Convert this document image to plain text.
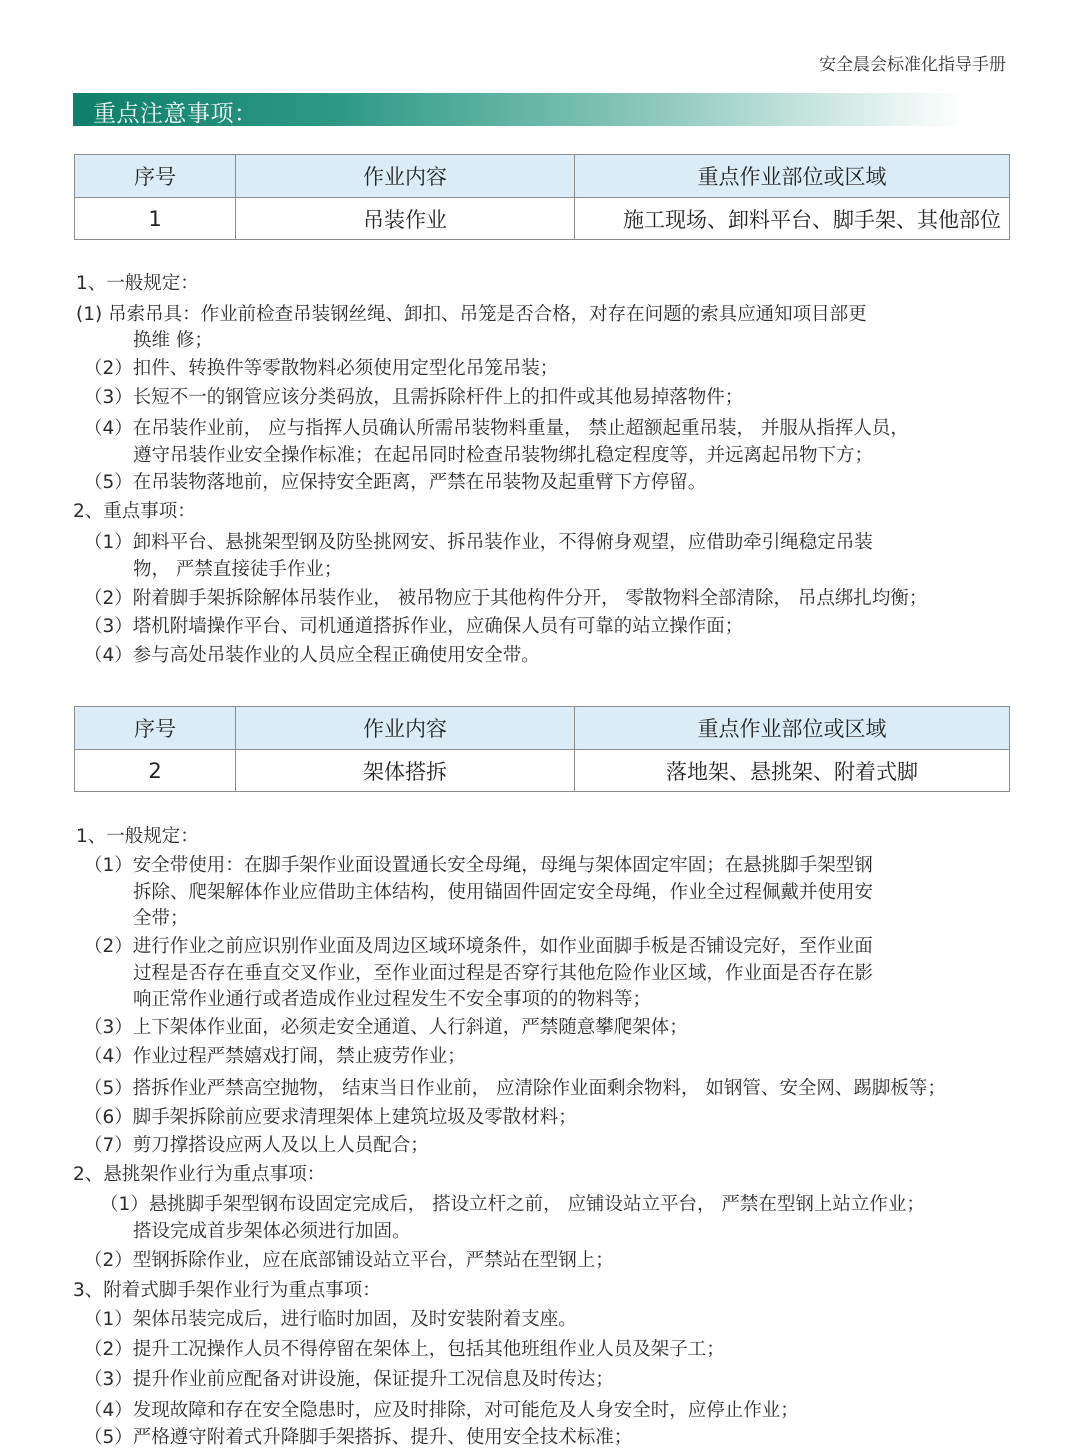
安全晨会标准化指导手册
重点注意事项：
序号	作业内容	重点作业部位或区域
1	吊装作业	施工现场、卸料平台、脚手架、其他部位
1、一般规定：
(1) 吊索吊具：作业前检查吊装钢丝绳、卸扣、吊笼是否合格，对存在问题的索具应通知项目部更
换维 修；
（2）扣件、转换件等零散物料必须使用定型化吊笼吊装；
（3）长短不一的钢管应该分类码放，且需拆除杆件上的扣件或其他易掉落物件；
（4）在吊装作业前， 应与指挥人员确认所需吊装物料重量， 禁止超额起重吊装， 并服从指挥人员，
遵守吊装作业安全操作标准；在起吊同时检查吊装物绑扎稳定程度等，并远离起吊物下方；
（5）在吊装物落地前，应保持安全距离，严禁在吊装物及起重臂下方停留。
2、重点事项：
（1）卸料平台、悬挑架型钢及防坠挑网安、拆吊装作业，不得俯身观望，应借助牵引绳稳定吊装
物， 严禁直接徒手作业；
（2）附着脚手架拆除解体吊装作业， 被吊物应于其他构件分开， 零散物料全部清除， 吊点绑扎均衡；
（3）塔机附墙操作平台、司机通道搭拆作业，应确保人员有可靠的站立操作面；
（4）参与高处吊装作业的人员应全程正确使用安全带。
序号	作业内容	重点作业部位或区域
2	架体搭拆	落地架、悬挑架、附着式脚
1、一般规定：
（1）安全带使用：在脚手架作业面设置通长安全母绳，母绳与架体固定牢固；在悬挑脚手架型钢
拆除、爬架解体作业应借助主体结构，使用锚固件固定安全母绳，作业全过程佩戴并使用安
全带；
（2）进行作业之前应识别作业面及周边区域环境条件，如作业面脚手板是否铺设完好，至作业面
过程是否存在垂直交叉作业，至作业面过程是否穿行其他危险作业区域，作业面是否存在影
响正常作业通行或者造成作业过程发生不安全事项的的物料等；
（3）上下架体作业面，必须走安全通道、人行斜道，严禁随意攀爬架体；
（4）作业过程严禁嬉戏打闹，禁止疲劳作业；
（5）搭拆作业严禁高空抛物， 结束当日作业前， 应清除作业面剩余物料， 如钢管、安全网、踢脚板等；
（6）脚手架拆除前应要求清理架体上建筑垃圾及零散材料；
（7）剪刀撑搭设应两人及以上人员配合；
2、悬挑架作业行为重点事项：
（1）悬挑脚手架型钢布设固定完成后， 搭设立杆之前， 应铺设站立平台， 严禁在型钢上站立作业；
搭设完成首步架体必须进行加固。
（2）型钢拆除作业，应在底部铺设站立平台，严禁站在型钢上；
3、附着式脚手架作业行为重点事项：
（1）架体吊装完成后，进行临时加固，及时安装附着支座。
（2）提升工况操作人员不得停留在架体上，包括其他班组作业人员及架子工；
（3）提升作业前应配备对讲设施，保证提升工况信息及时传达；
（4）发现故障和存在安全隐患时，应及时排除，对可能危及人身安全时，应停止作业；
（5）严格遵守附着式升降脚手架搭拆、提升、使用安全技术标准；
